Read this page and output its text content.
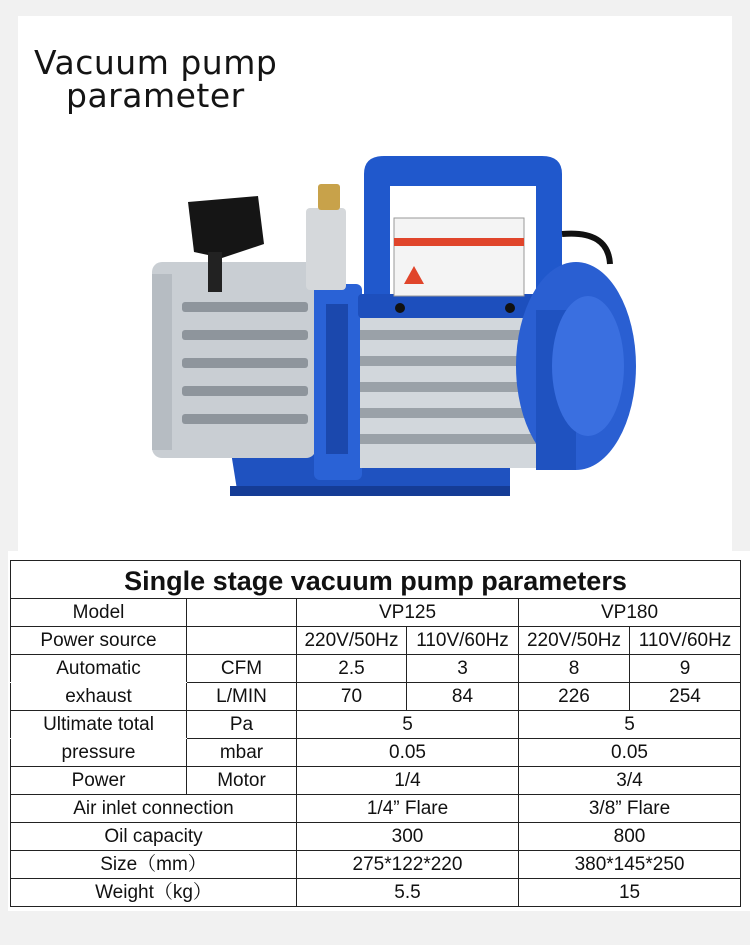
Vacuum pump
parameter
Single stage vacuum pump parameters					
Model		VP125		VP180	
Power source		220V/50Hz	110V/60Hz	220V/50Hz	110V/60Hz
Automatic	CFM	2.5	3	8	9
exhaust	L/MIN	70	84	226	254
Ultimate total	Pa	5		5	
pressure	mbar	0.05		0.05	
Power	Motor	1/4		3/4	
Air inlet connection		1/4” Flare		3/8” Flare	
Oil capacity		300		800	
Size（mm）		275*122*220		380*145*250	
Weight（kg）		5.5		15	
